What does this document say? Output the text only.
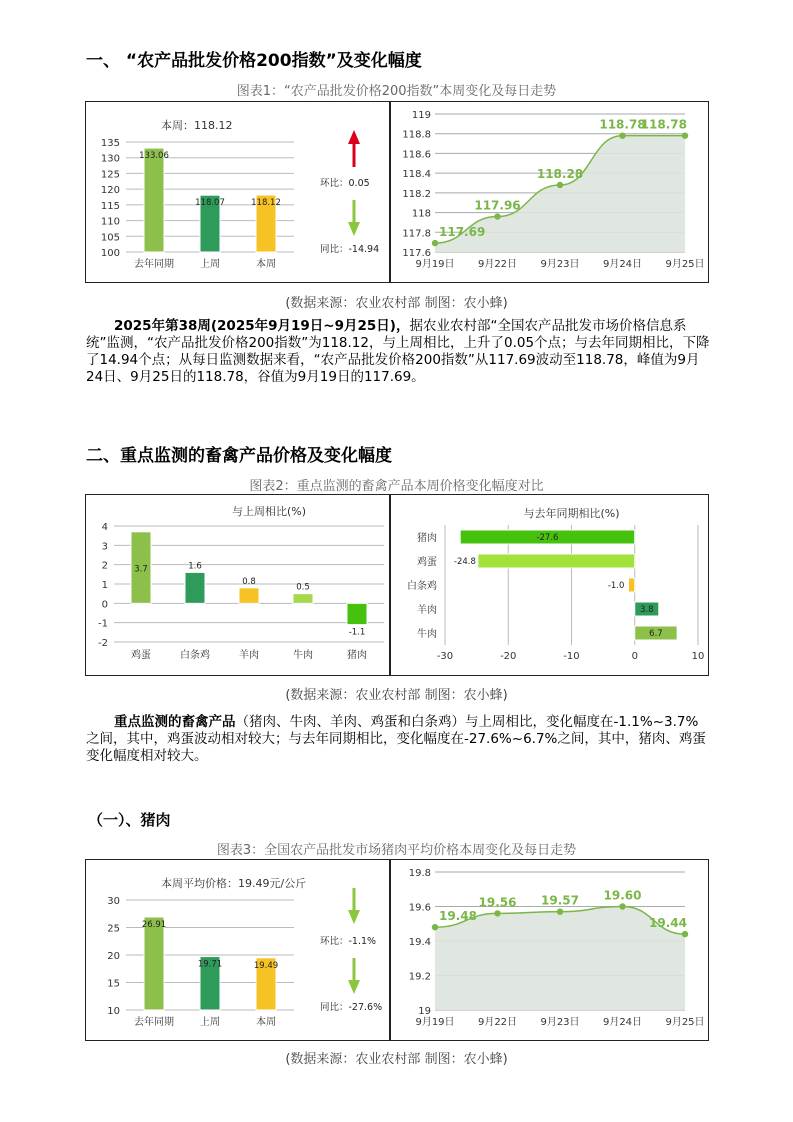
一、 “农产品批发价格200指数”及变化幅度
图表1：“农产品批发价格200指数”本周变化及每日走势
100
105
110
115
120
125
130
135
133.06
去年同期
118.07
上周
118.12
本周
本周：118.12
环比：0.05
同比：-14.94 117.6
117.8
118
118.2
118.4
118.6
118.8
119
117.69
9月19日
117.96
9月22日
118.28
9月23日
118.78
9月24日
118.78
9月25日
(数据来源：农业农村部 制图：农小蜂)
2025年第38周(2025年9月19日~9月25日)，据农业农村部“全国农产品批发市场价格信息系统”监测，“农产品批发价格200指数”为118.12，与上周相比，上升了0.05个点；与去年同期相比，下降了14.94个点；从每日监测数据来看，“农产品批发价格200指数”从117.69波动至118.78，峰值为9月24日、9月25日的118.78，谷值为9月19日的117.69。
二、重点监测的畜禽产品价格及变化幅度
图表2：重点监测的畜禽产品本周价格变化幅度对比
与上周相比(%)
-2
-1
0
1
2
3
4
3.7
鸡蛋
1.6
白条鸡
0.8
羊肉
0.5
牛肉
-1.1
猪肉
与去年同期相比(%)
-30	-20	-10	0	10
-27.6
猪肉
-24.8
鸡蛋
-1.0
白条鸡
3.8
羊肉
6.7
牛肉
(数据来源：农业农村部 制图：农小蜂)
重点监测的畜禽产品（猪肉、牛肉、羊肉、鸡蛋和白条鸡）与上周相比，变化幅度在-1.1%~3.7%之间，其中，鸡蛋波动相对较大；与去年同期相比，变化幅度在-27.6%~6.7%之间，其中，猪肉、鸡蛋变化幅度相对较大。
（一）、猪肉
图表3：全国农产品批发市场猪肉平均价格本周变化及每日走势
10
15
20
25
30
26.91
去年同期
19.71
上周
19.49
本周
本周平均价格：19.49元/公斤
环比：-1.1%
同比：-27.6%	19
19.2
19.4
19.6
19.8
19.48
9月19日
19.56
9月22日
19.57
9月23日
19.60
9月24日
19.44
9月25日
(数据来源：农业农村部 制图：农小蜂)
